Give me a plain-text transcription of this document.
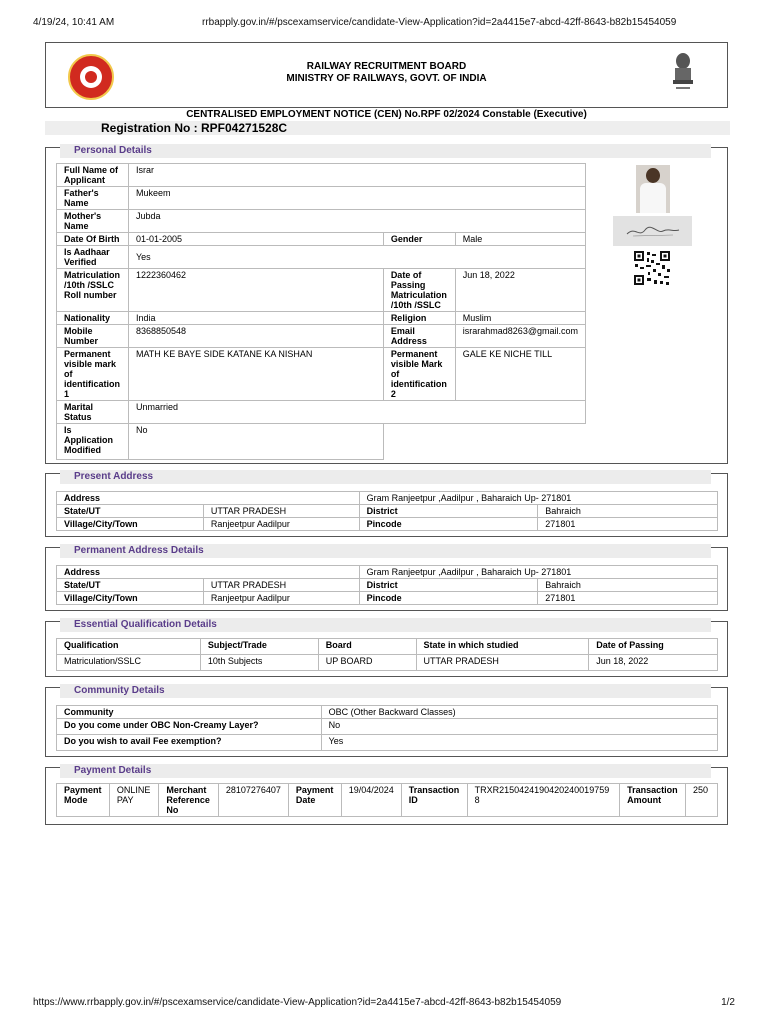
4/19/24, 10:41 AM	rrbapply.gov.in/#/pscexamservice/candidate-View-Application?id=2a4415e7-abcd-42ff-8643-b82b15454059
https://www.rrbapply.gov.in/#/pscexamservice/candidate-View-Application?id=2a4415e7-abcd-42ff-8643-b82b15454059	1/2
RAILWAY RECRUITMENT BOARD
MINISTRY OF RAILWAYS, GOVT. OF INDIA
CENTRALISED EMPLOYMENT NOTICE (CEN) No.RPF 02/2024 Constable (Executive)
Registration No : RPF04271528C
Personal Details
Full Name of Applicant	Israr		
Father's Name	Mukeem		
Mother's Name	Jubda		
Date Of Birth	01-01-2005	Gender	Male
Is Aadhaar Verified	Yes		
Matriculation /10th /SSLC Roll number	1222360462	Date of Passing Matriculation /10th /SSLC	Jun 18, 2022
Nationality	India	Religion	Muslim
Mobile Number	8368850548	Email Address	israrahmad8263@gmail.com
Permanent visible mark of identification 1	MATH KE BAYE SIDE KATANE KA NISHAN	Permanent visible Mark of identification 2	GALE KE NICHE TILL
Marital Status	Unmarried		
Is Application Modified	No		
Present Address
Address		Gram Ranjeetpur ,Aadilpur , Baharaich Up- 271801	
State/UT	UTTAR PRADESH	District	Bahraich
Village/City/Town	Ranjeetpur Aadilpur	Pincode	271801
Permanent Address Details
Address		Gram Ranjeetpur ,Aadilpur , Baharaich Up- 271801	
State/UT	UTTAR PRADESH	District	Bahraich
Village/City/Town	Ranjeetpur Aadilpur	Pincode	271801
Essential Qualification Details
Qualification	Subject/Trade	Board	State in which studied	Date of Passing
Matriculation/SSLC	10th Subjects	UP BOARD	UTTAR PRADESH	Jun 18, 2022
Community Details
Community	OBC (Other Backward Classes)
Do you come under OBC Non-Creamy Layer?	No
Do you wish to avail Fee exemption?	Yes
Payment Details
Payment Mode	ONLINE PAY	Merchant Reference No	28107276407	Payment Date	19/04/2024	Transaction ID	TRXR2150424190420240019759​8	Transaction Amount	250
